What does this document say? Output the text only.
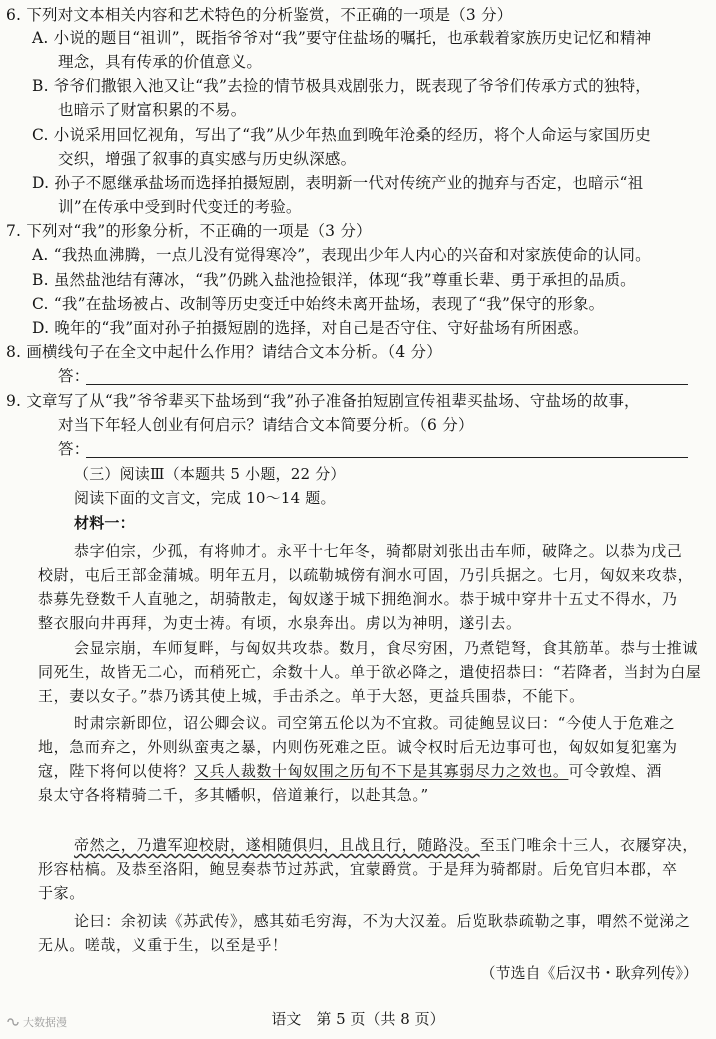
6. 下列对文本相关内容和艺术特色的分析鉴赏，不正确的一项是（3 分）
A. 小说的题目“祖训”，既指爷爷对“我”要守住盐场的嘱托，也承载着家族历史记忆和精神
理念，具有传承的价值意义。
B. 爷爷们撒银入池又让“我”去捡的情节极具戏剧张力，既表现了爷爷们传承方式的独特，
也暗示了财富积累的不易。
C. 小说采用回忆视角，写出了“我”从少年热血到晚年沧桑的经历，将个人命运与家国历史
交织，增强了叙事的真实感与历史纵深感。
D. 孙子不愿继承盐场而选择拍摄短剧，表明新一代对传统产业的抛弃与否定，也暗示“祖
训”在传承中受到时代变迁的考验。
7. 下列对“我”的形象分析，不正确的一项是（3 分）
A. “我热血沸腾，一点儿没有觉得寒冷”，表现出少年人内心的兴奋和对家族使命的认同。
B. 虽然盐池结有薄冰，“我”仍跳入盐池捡银洋，体现“我”尊重长辈、勇于承担的品质。
C. “我”在盐场被占、改制等历史变迁中始终未离开盐场，表现了“我”保守的形象。
D. 晚年的“我”面对孙子拍摄短剧的选择，对自己是否守住、守好盐场有所困惑。
8. 画横线句子在全文中起什么作用？请结合文本分析。（4 分）
答：
9. 文章写了从“我”爷爷辈买下盐场到“我”孙子准备拍短剧宣传祖辈买盐场、守盐场的故事，
对当下年轻人创业有何启示？请结合文本简要分析。（6 分）
答：
（三）阅读Ⅲ（本题共 5 小题，22 分）
阅读下面的文言文，完成 10～14 题。
材料一：
恭字伯宗，少孤，有将帅才。永平十七年冬，骑都尉刘张出击车师，破降之。以恭为戊己
校尉，屯后王部金蒲城。明年五月，以疏勒城傍有涧水可固，乃引兵据之。七月，匈奴来攻恭，
恭募先登数千人直驰之，胡骑散走，匈奴遂于城下拥绝涧水。恭于城中穿井十五丈不得水，乃
整衣服向井再拜，为吏士祷。有顷，水泉奔出。虏以为神明，遂引去。
会显宗崩，车师复畔，与匈奴共攻恭。数月，食尽穷困，乃煮铠弩，食其筋革。恭与士推诚
同死生，故皆无二心，而稍死亡，余数十人。单于欲必降之，遣使招恭曰：“若降者，当封为白屋
王，妻以女子。”恭乃诱其使上城，手击杀之。单于大怒，更益兵围恭，不能下。
时肃宗新即位，诏公卿会议。司空第五伦以为不宜救。司徒鲍昱议曰：“今使人于危难之
地，急而弃之，外则纵蛮夷之暴，内则伤死难之臣。诚令权时后无边事可也，匈奴如复犯塞为
寇，陛下将何以使将？又兵人裁数十匈奴围之历旬不下是其寡弱尽力之效也。可令敦煌、酒
泉太守各将精骑二千，多其幡帜，倍道兼行，以赴其急。”
帝然之，乃遣军迎校尉，遂相随俱归，且战且行，随路没。至玉门唯余十三人，衣屦穿决，
形容枯槁。及恭至洛阳，鲍昱奏恭节过苏武，宜蒙爵赏。于是拜为骑都尉。后免官归本郡，卒
于家。
论曰：余初读《苏武传》，感其茹毛穷海，不为大汉羞。后览耿恭疏勒之事，喟然不觉涕之
无从。嗟哉，义重于生，以至是乎！
（节选自《后汉书・耿弇列传》）
语文　第 5 页（共 8 页）
大数据漫
